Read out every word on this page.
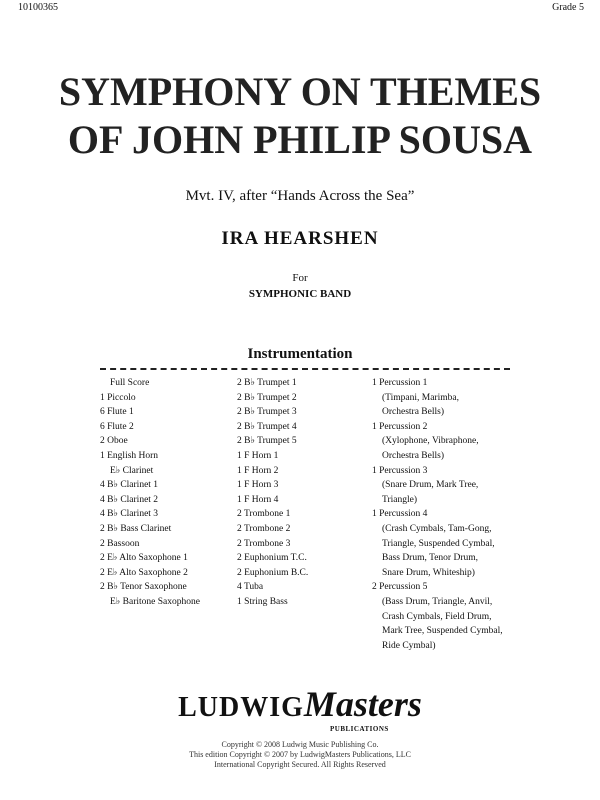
10100365	Grade 5
SYMPHONY ON THEMES
OF JOHN PHILIP SOUSA
Mvt. IV, after “Hands Across the Sea”
IRA HEARSHEN
For
SYMPHONIC BAND
Instrumentation
Full Score
1 Piccolo
6 Flute 1
6 Flute 2
2 Oboe
1 English Horn
E♭ Clarinet
4 B♭ Clarinet 1
4 B♭ Clarinet 2
4 B♭ Clarinet 3
2 B♭ Bass Clarinet
2 Bassoon
2 E♭ Alto Saxophone 1
2 E♭ Alto Saxophone 2
2 B♭ Tenor Saxophone
E♭ Baritone Saxophone
2 B♭ Trumpet 1
2 B♭ Trumpet 2
2 B♭ Trumpet 3
2 B♭ Trumpet 4
2 B♭ Trumpet 5
1 F Horn 1
1 F Horn 2
1 F Horn 3
1 F Horn 4
2 Trombone 1
2 Trombone 2
2 Trombone 3
2 Euphonium T.C.
2 Euphonium B.C.
4 Tuba
1 String Bass
1 Percussion 1
(Timpani, Marimba,
Orchestra Bells)
1 Percussion 2
(Xylophone, Vibraphone,
Orchestra Bells)
1 Percussion 3
(Snare Drum, Mark Tree,
Triangle)
1 Percussion 4
(Crash Cymbals, Tam-Gong,
Triangle, Suspended Cymbal,
Bass Drum, Tenor Drum,
Snare Drum, Whiteship)
2 Percussion 5
(Bass Drum, Triangle, Anvil,
Crash Cymbals, Field Drum,
Mark Tree, Suspended Cymbal,
Ride Cymbal)
LUDWIGMasters
PUBLICATIONS
Copyright © 2008 Ludwig Music Publishing Co.
This edition Copyright © 2007 by LudwigMasters Publications, LLC
International Copyright Secured. All Rights Reserved
